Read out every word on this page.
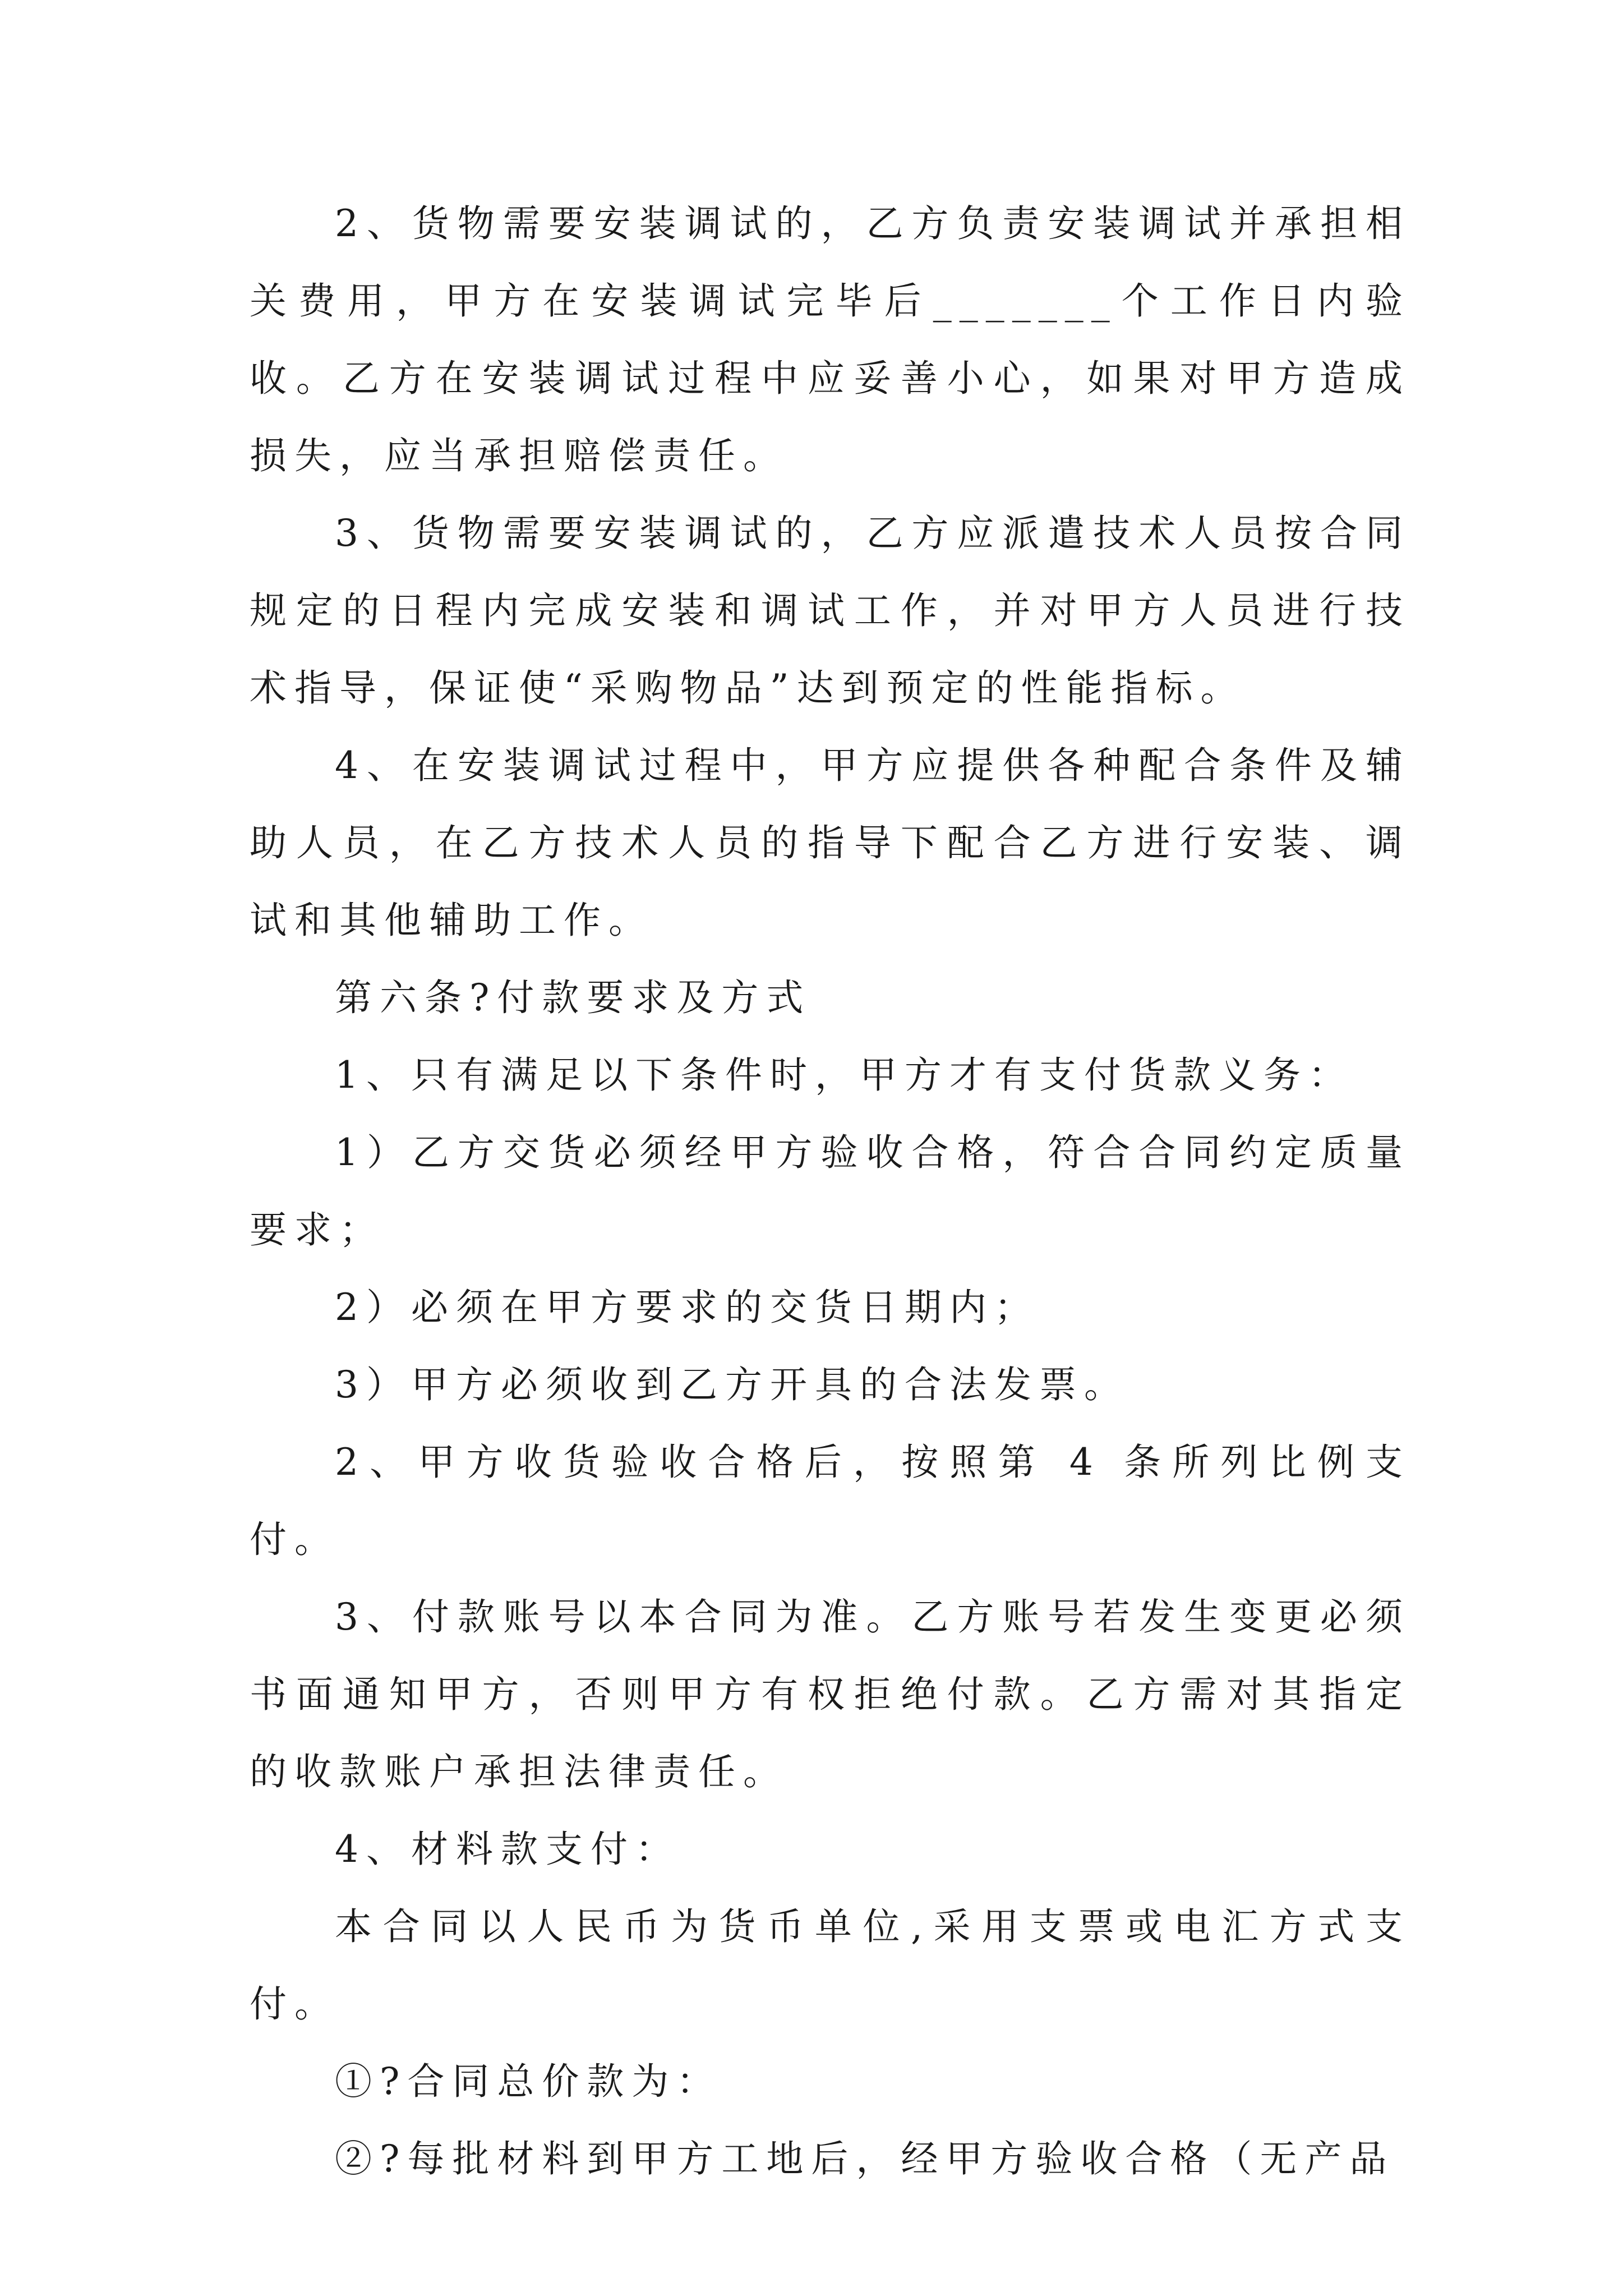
2、货物需要安装调试的，乙方负责安装调试并承担相关费用，甲方在安装调试完毕后_______个工作日内验收。乙方在安装调试过程中应妥善小心，如果对甲方造成损失，应当承担赔偿责任。

3、货物需要安装调试的，乙方应派遣技术人员按合同规定的日程内完成安装和调试工作，并对甲方人员进行技术指导，保证使“采购物品”达到预定的性能指标。

4、在安装调试过程中，甲方应提供各种配合条件及辅助人员，在乙方技术人员的指导下配合乙方进行安装、调试和其他辅助工作。

第六条?付款要求及方式

1、只有满足以下条件时，甲方才有支付货款义务：

1）乙方交货必须经甲方验收合格，符合合同约定质量要求；

2）必须在甲方要求的交货日期内；

3）甲方必须收到乙方开具的合法发票。

2、甲方收货验收合格后，按照第 4 条所列比例支付。

3、付款账号以本合同为准。乙方账号若发生变更必须书面通知甲方，否则甲方有权拒绝付款。乙方需对其指定的收款账户承担法律责任。

4、材料款支付：

本合同以人民币为货币单位,采用支票或电汇方式支付。

①?合同总价款为：

②?每批材料到甲方工地后，经甲方验收合格（无产品
